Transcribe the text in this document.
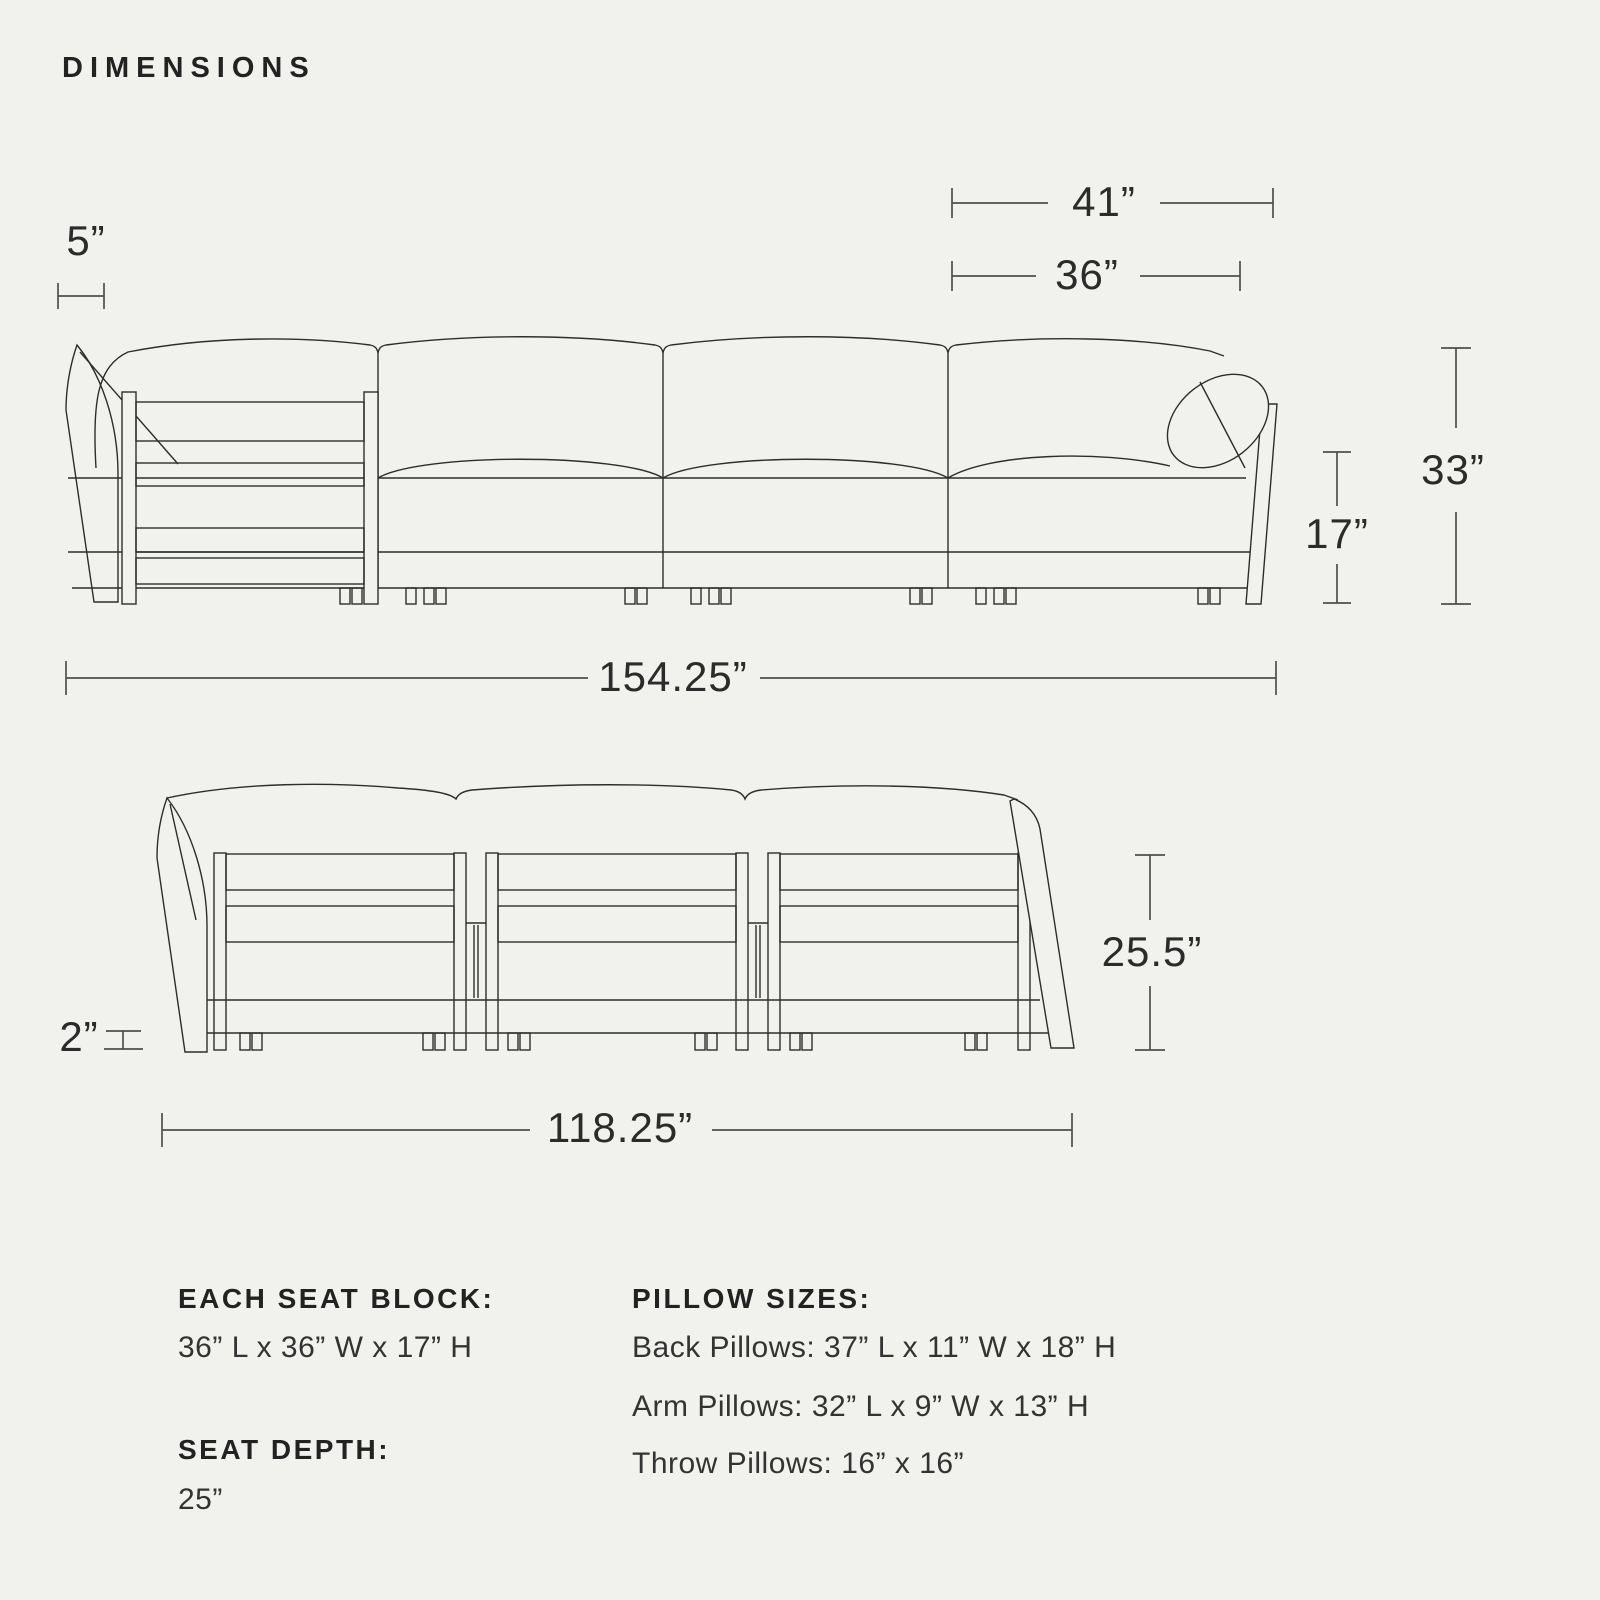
DIMENSIONS
5”
41”
36”
17”
33”
154.25”
25.5”
2”
118.25”
EACH SEAT BLOCK:
36” L x 36” W x 17” H
SEAT DEPTH:
25”
PILLOW SIZES:
Back Pillows: 37” L x 11” W x 18” H
Arm Pillows: 32” L x 9” W x 13” H
Throw Pillows: 16” x 16”
